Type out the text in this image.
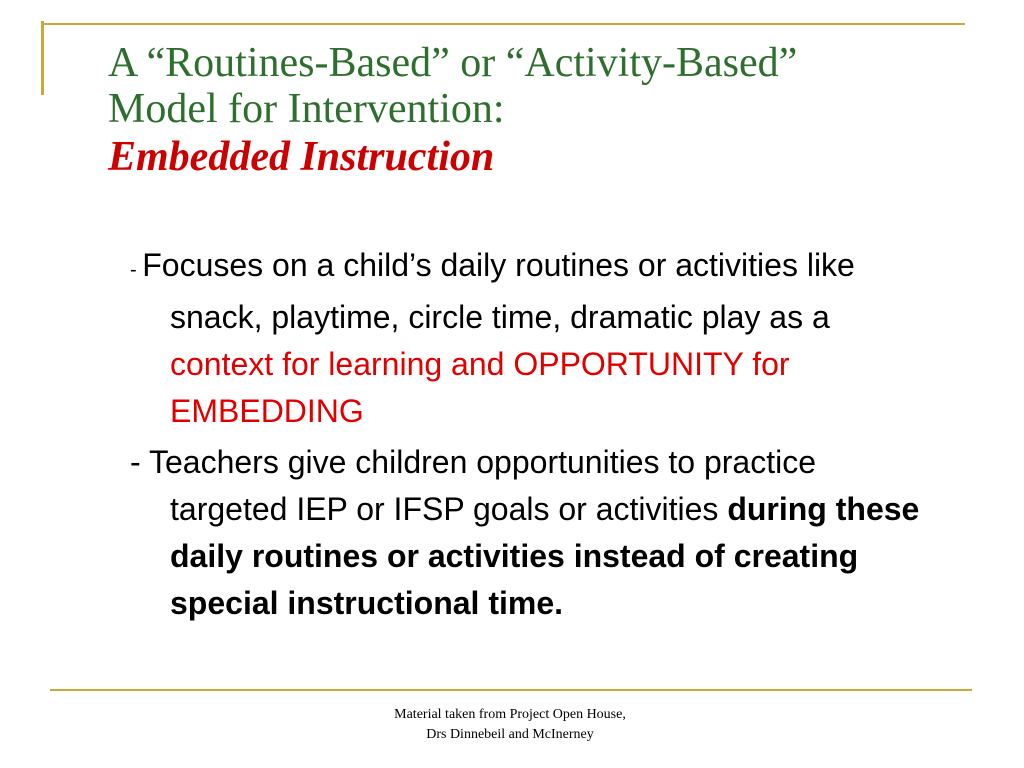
A “Routines-Based” or “Activity-Based”
Model for Intervention:
Embedded Instruction

- Focuses on a child’s daily routines or activities like snack, playtime, circle time, dramatic play as a context for learning and OPPORTUNITY for EMBEDDING

- Teachers give children opportunities to practice targeted IEP or IFSP goals or activities during these daily routines or activities instead of creating special instructional time.

Material taken from Project Open House,
Drs Dinnebeil and McInerney
